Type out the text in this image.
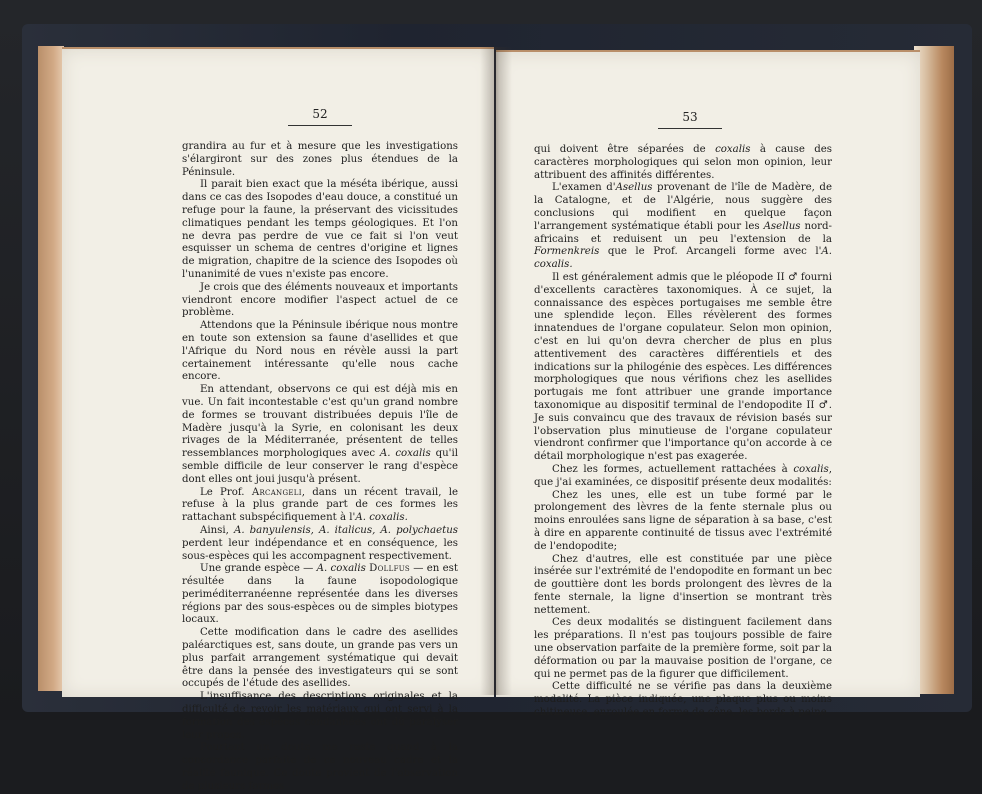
52

grandira au fur et à mesure que les investigations s'élargiront sur des zones plus étendues de la Péninsule.

Il parait bien exact que la méséta ibérique, aussi dans ce cas des Isopodes d'eau douce, a constitué un refuge pour la faune, la préservant des vicissitudes climatiques pendant les temps géologiques. Et l'on ne devra pas perdre de vue ce fait si l'on veut esquisser un schema de centres d'origine et lignes de migration, chapitre de la science des Isopodes où l'unanimité de vues n'existe pas encore.

Je crois que des éléments nouveaux et importants viendront encore modifier l'aspect actuel de ce problème.

Attendons que la Péninsule ibérique nous montre en toute son extension sa faune d'asellides et que l'Afrique du Nord nous en révèle aussi la part certainement intéressante qu'elle nous cache encore.

En attendant, observons ce qui est déjà mis en vue. Un fait incontestable c'est qu'un grand nombre de formes se trouvant distribuées depuis l'île de Madère jusqu'à la Syrie, en colonisant les deux rivages de la Méditerranée, présentent de telles ressemblances morphologiques avec A. coxalis qu'il semble difficile de leur conserver le rang d'espèce dont elles ont joui jusqu'à présent.

Le Prof. Arcangeli, dans un récent travail, le refuse à la plus grande part de ces formes les rattachant subspécifiquement à l'A. coxalis.

Ainsi, A. banyulensis, A. italicus, A. polychaetus perdent leur indépendance et en conséquence, les sous-espèces qui les accompagnent respectivement.

Une grande espèce — A. coxalis Dollfus — en est résultée dans la faune isopodologique periméditerranéenne représentée dans les diverses régions par des sous-espèces ou de simples biotypes locaux.

Cette modification dans le cadre des asellides paléarctiques est, sans doute, un grande pas vers un plus parfait arrangement systématique qui devait être dans la pensée des investigateurs qui se sont occupés de l'étude des asellides.

L'insuffisance des descriptions originales et la difficulté de revoir les matériaux qui ont servi à la formation des espèces condannées ont dû paralyser leur propos.

Pourtant un doute me reste quand à la concordance parfaite de ce nouveau cadre et la réalité faunique. Ce doute provient de l'observation de plusieurs formes

53

qui doivent être séparées de coxalis à cause des caractères morphologiques qui selon mon opinion, leur attribuent des affinités différentes.

L'examen d'Asellus provenant de l'île de Madère, de la Catalogne, et de l'Algérie, nous suggère des conclusions qui modifient en quelque façon l'arrangement systématique établi pour les Asellus nord-africains et reduisent un peu l'extension de la Formenkreis que le Prof. Arcangeli forme avec l'A. coxalis.

Il est généralement admis que le pléopode II ♂ fourni d'excellents caractères taxonomiques. À ce sujet, la connaissance des espèces portugaises me semble être une splendide leçon. Elles révèlerent des formes innatendues de l'organe copulateur. Selon mon opinion, c'est en lui qu'on devra chercher de plus en plus attentivement des caractères différentiels et des indications sur la philogénie des espèces. Les différences morphologiques que nous vérifions chez les asellides portugais me font attribuer une grande importance taxonomique au dispositif terminal de l'endopodite II ♂. Je suis convaincu que des travaux de révision basés sur l'observation plus minutieuse de l'organe copulateur viendront confirmer que l'importance qu'on accorde à ce détail morphologique n'est pas exagerée.

Chez les formes, actuellement rattachées à coxalis, que j'ai examinées, ce dispositif présente deux modalités:

Chez les unes, elle est un tube formé par le prolongement des lèvres de la fente sternale plus ou moins enroulées sans ligne de séparation à sa base, c'est à dire en apparente continuité de tissus avec l'extrémité de l'endopodite;

Chez d'autres, elle est constituée par une pièce insérée sur l'extrémité de l'endopodite en formant un bec de gouttière dont les bords prolongent des lèvres de la fente sternale, la ligne d'insertion se montrant très nettement.

Ces deux modalités se distinguent facilement dans les préparations. Il n'est pas toujours possible de faire une observation parfaite de la première forme, soit par la déformation ou par la mauvaise position de l'organe, ce qui ne permet pas de la figurer que difficilement.

Cette difficulté ne se vérifie pas dans la deuxième modalité. La pièce indiquée, une plaque plus ou moins chitineuse, enroulée en forme de cône, les bords à peine
